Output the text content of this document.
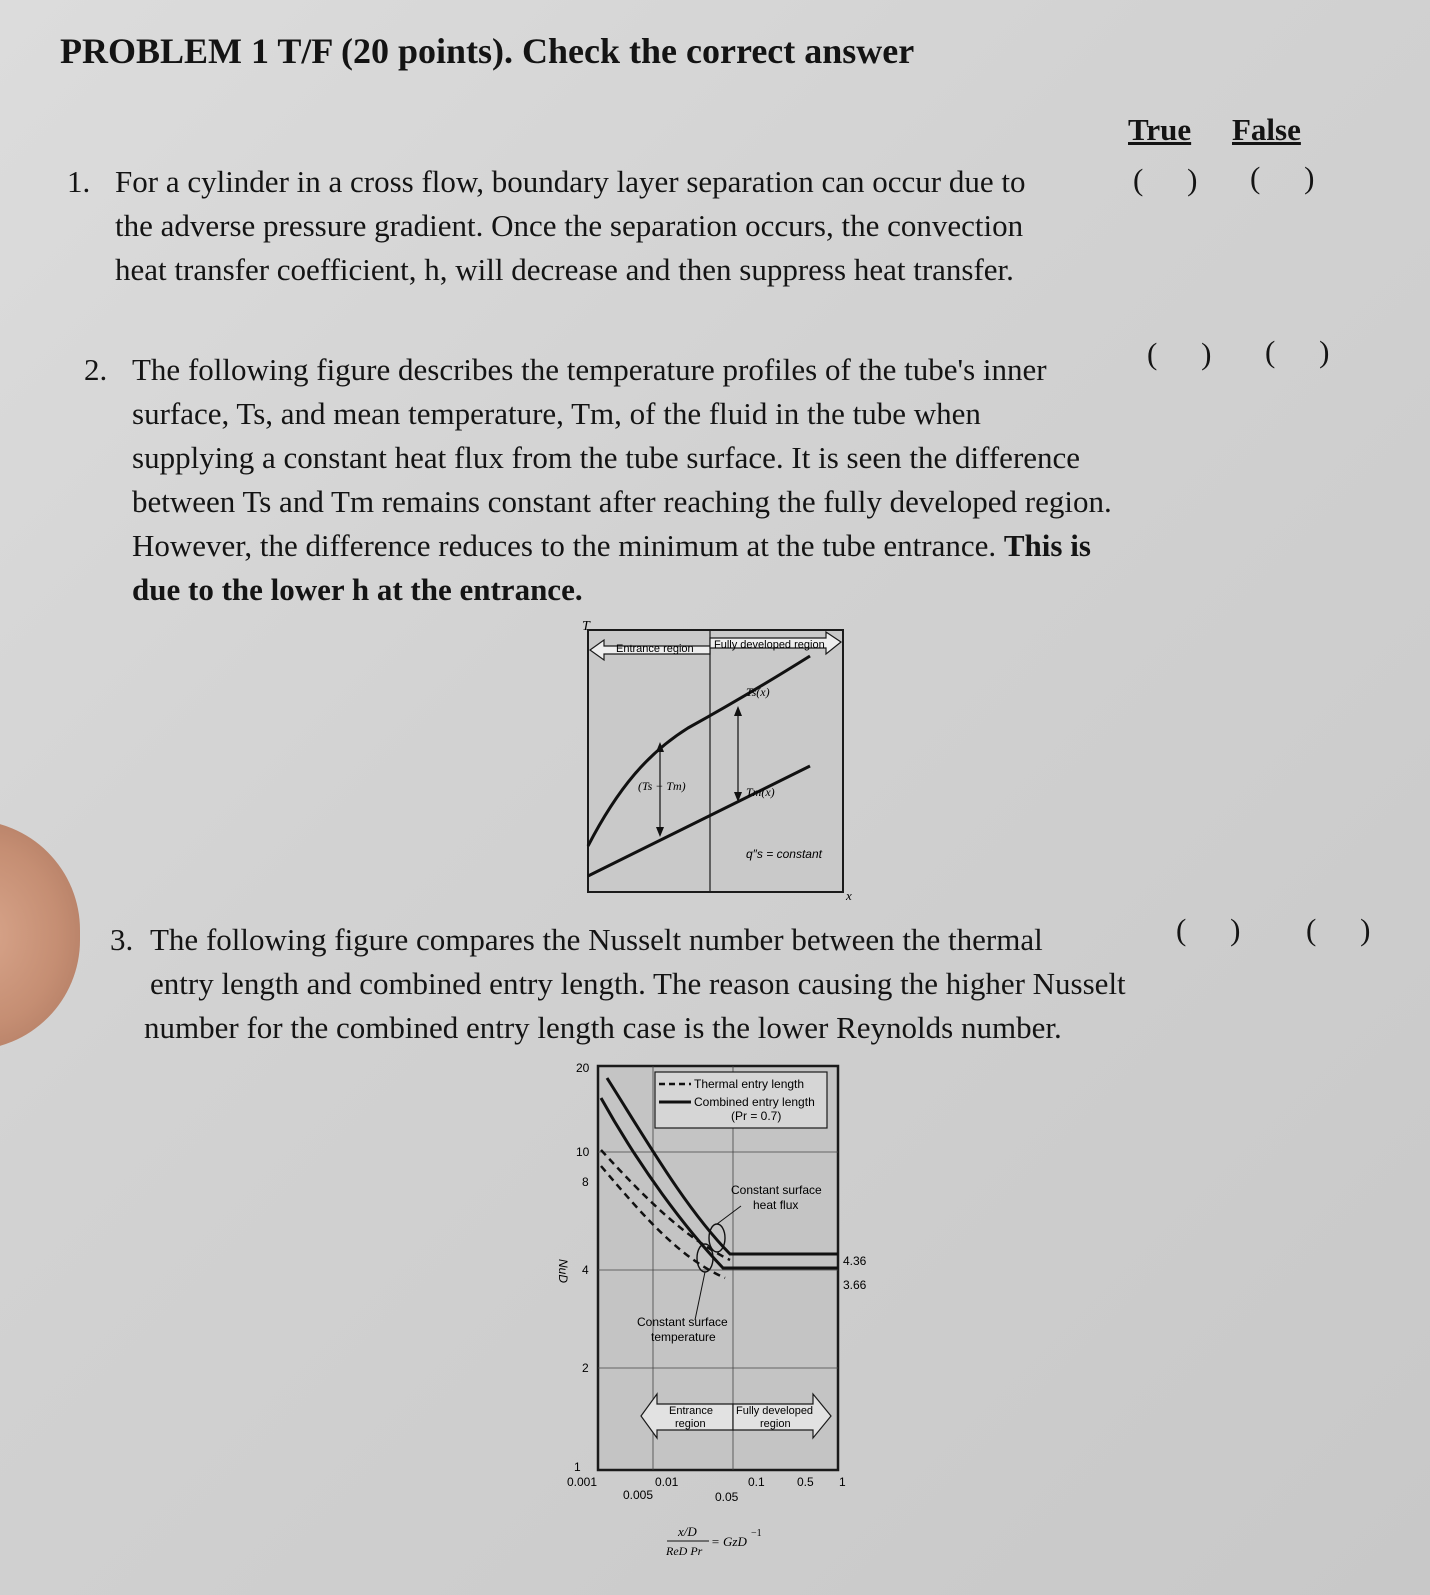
PROBLEM 1 T/F (20 points). Check the correct answer
True False
1. For a cylinder in a cross flow, boundary layer separation can occur due to
the adverse pressure gradient. Once the separation occurs, the convection
heat transfer coefficient, h, will decrease and then suppress heat transfer.
( ) ( )
2. The following figure describes the temperature profiles of the tube's inner
surface, Ts, and mean temperature, Tm, of the fluid in the tube when
supplying a constant heat flux from the tube surface. It is seen the difference
between Ts and Tm remains constant after reaching the fully developed region.
However, the difference reduces to the minimum at the tube entrance. This is
due to the lower h at the entrance.
( ) ( )
T
x
Entrance region Fully developed region
Ts(x)
Tm(x)
(Ts − Tm)
q″s = constant
3. The following figure compares the Nusselt number between the thermal
entry length and combined entry length. The reason causing the higher Nusselt
number for the combined entry length case is the lower Reynolds number.
( ) ( )
Thermal entry length
Combined entry length
(Pr = 0.7)
Constant surface
heat flux
Constant surface
temperature
Entrance
region
Fully developed
region
20
10
8
4
2
1
NuD
0.001	0.01	0.1	0.5 1
0.005	0.05
4.36
3.66
x/D
ReD Pr
= GzD
−1
